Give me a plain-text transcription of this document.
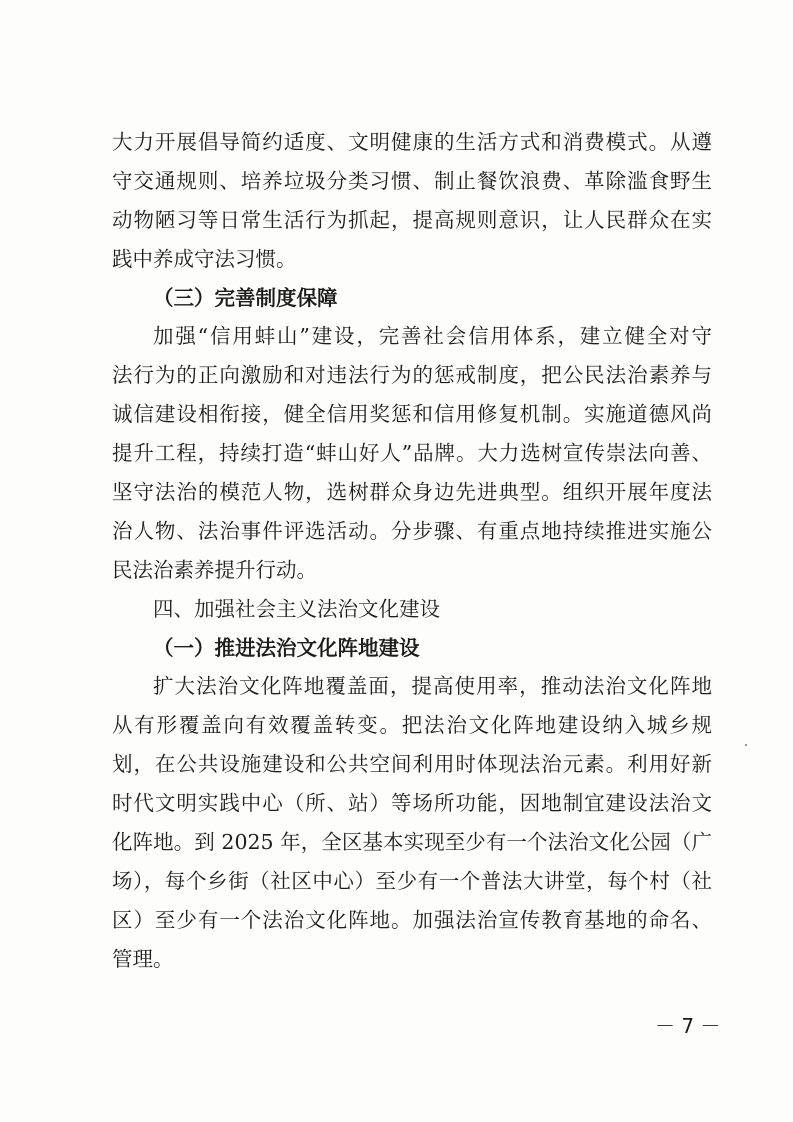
大力开展倡导简约适度、文明健康的生活方式和消费模式。从遵
守交通规则、培养垃圾分类习惯、制止餐饮浪费、革除滥食野生
动物陋习等日常生活行为抓起，提高规则意识，让人民群众在实
践中养成守法习惯。
（三）完善制度保障
加强“信用蚌山”建设，完善社会信用体系，建立健全对守
法行为的正向激励和对违法行为的惩戒制度，把公民法治素养与
诚信建设相衔接，健全信用奖惩和信用修复机制。实施道德风尚
提升工程，持续打造“蚌山好人”品牌。大力选树宣传崇法向善、
坚守法治的模范人物，选树群众身边先进典型。组织开展年度法
治人物、法治事件评选活动。分步骤、有重点地持续推进实施公
民法治素养提升行动。
四、加强社会主义法治文化建设
（一）推进法治文化阵地建设
扩大法治文化阵地覆盖面，提高使用率，推动法治文化阵地
从有形覆盖向有效覆盖转变。把法治文化阵地建设纳入城乡规
划，在公共设施建设和公共空间利用时体现法治元素。利用好新
时代文明实践中心（所、站）等场所功能，因地制宜建设法治文
化阵地。到 2025 年，全区基本实现至少有一个法治文化公园（广
场），每个乡街（社区中心）至少有一个普法大讲堂，每个村（社
区）至少有一个法治文化阵地。加强法治宣传教育基地的命名、
管理。
－ 7 －
